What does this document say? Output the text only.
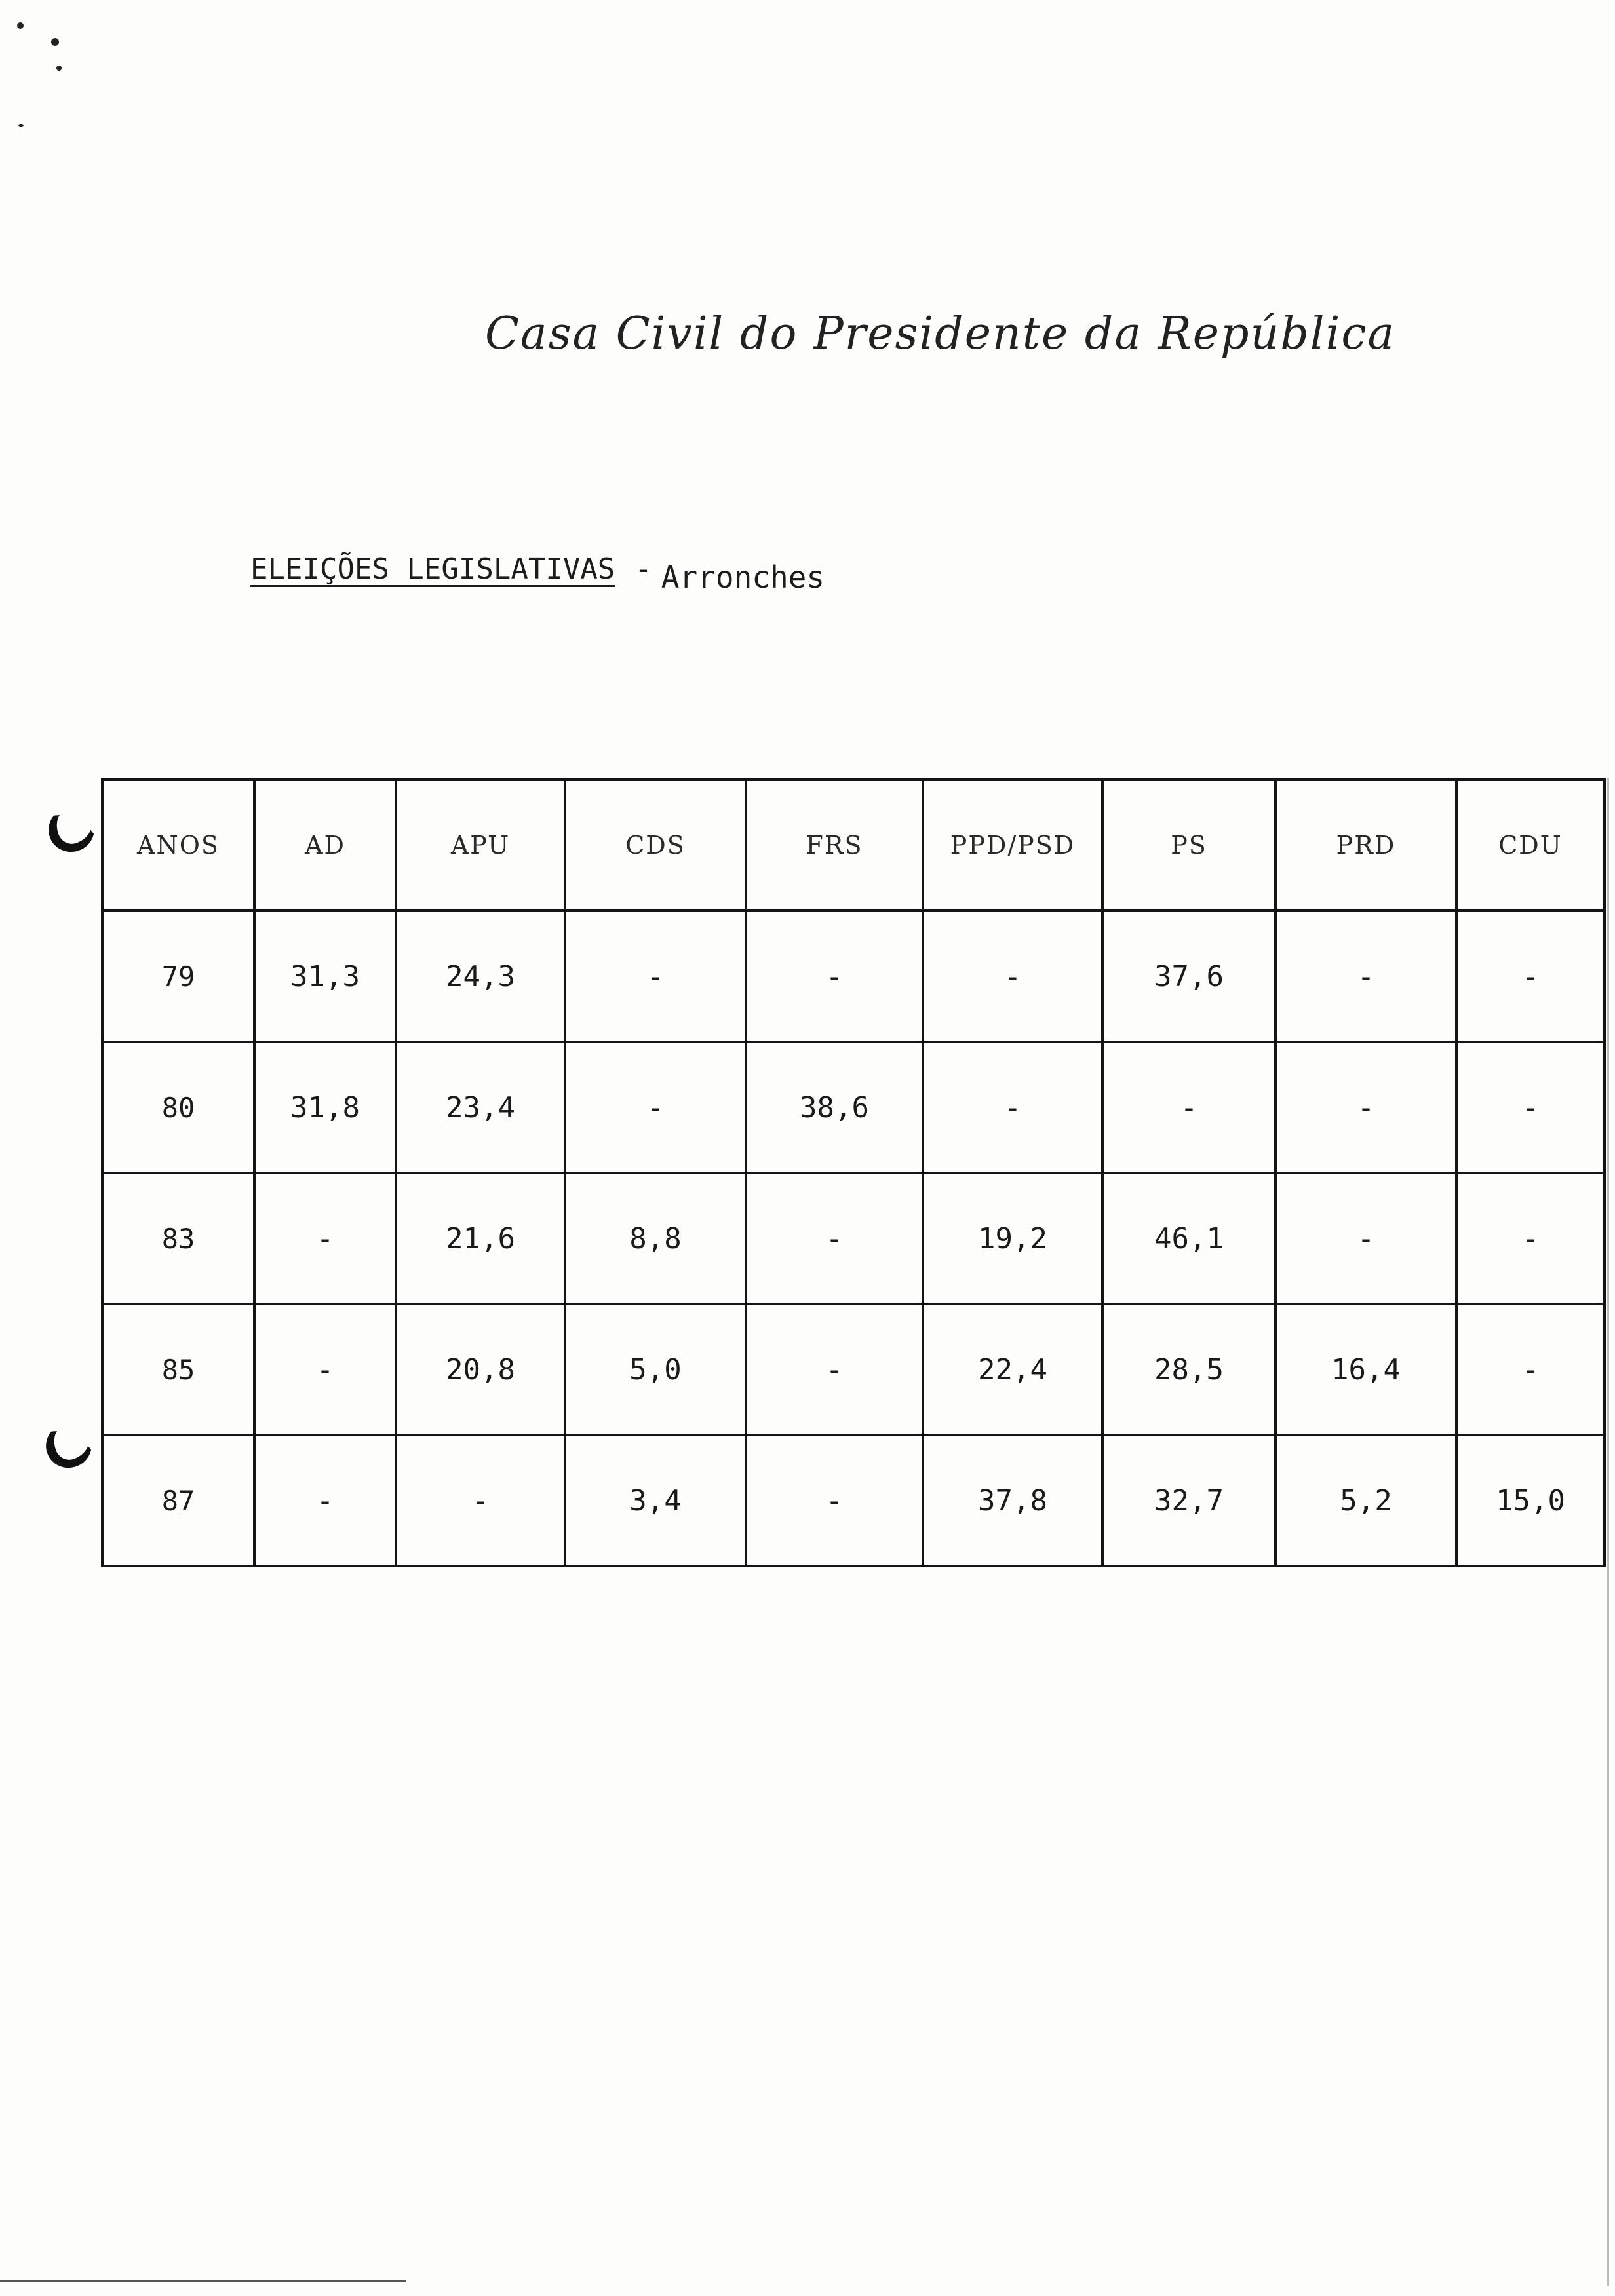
Casa Civil do Presidente da República
ELEIÇÕES LEGISLATIVAS - Arronches
ANOS	AD	APU	CDS	FRS	PPD/PSD	PS	PRD	CDU
79	31,3	24,3	-	-	-	37,6	-	-
80	31,8	23,4	-	38,6	-	-	-	-
83	-	21,6	8,8	-	19,2	46,1	-	-
85	-	20,8	5,0	-	22,4	28,5	16,4	-
87	-	-	3,4	-	37,8	32,7	5,2	15,0
